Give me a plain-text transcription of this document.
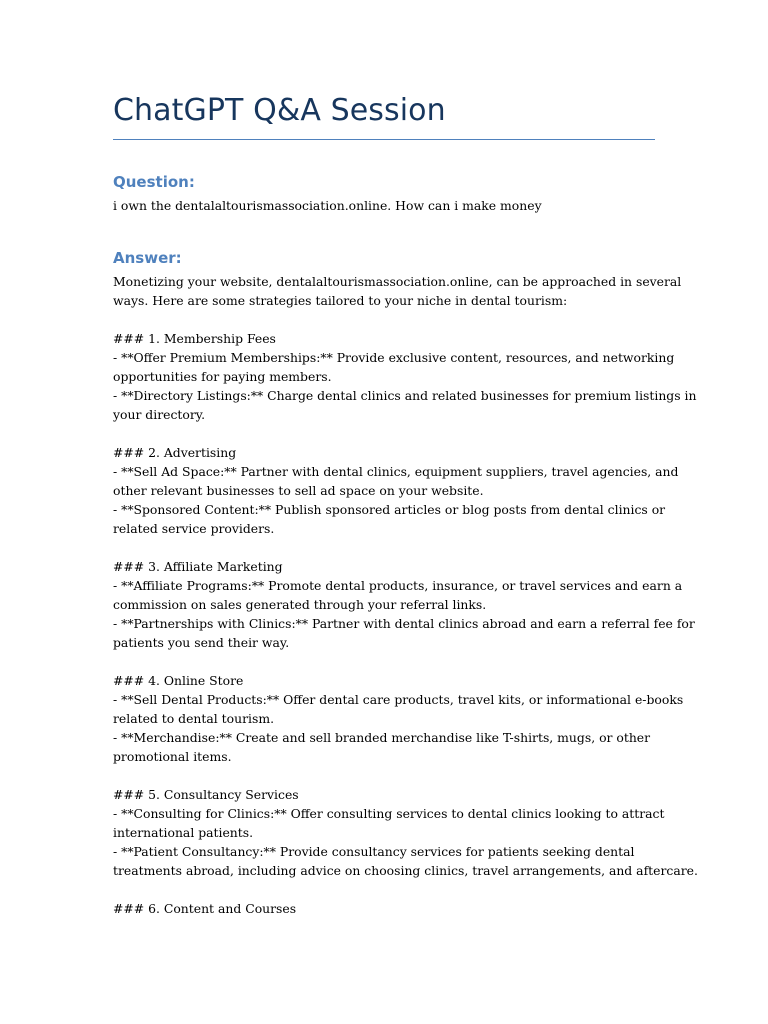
ChatGPT Q&A Session
Question:
i own the dentalaltourismassociation.online. How can i make money
Answer:
Monetizing your website, dentalaltourismassociation.online, can be approached in several
ways. Here are some strategies tailored to your niche in dental tourism:
### 1. Membership Fees
- **Offer Premium Memberships:** Provide exclusive content, resources, and networking
opportunities for paying members.
- **Directory Listings:** Charge dental clinics and related businesses for premium listings in
your directory.
### 2. Advertising
- **Sell Ad Space:** Partner with dental clinics, equipment suppliers, travel agencies, and
other relevant businesses to sell ad space on your website.
- **Sponsored Content:** Publish sponsored articles or blog posts from dental clinics or
related service providers.
### 3. Affiliate Marketing
- **Affiliate Programs:** Promote dental products, insurance, or travel services and earn a
commission on sales generated through your referral links.
- **Partnerships with Clinics:** Partner with dental clinics abroad and earn a referral fee for
patients you send their way.
### 4. Online Store
- **Sell Dental Products:** Offer dental care products, travel kits, or informational e-books
related to dental tourism.
- **Merchandise:** Create and sell branded merchandise like T-shirts, mugs, or other
promotional items.
### 5. Consultancy Services
- **Consulting for Clinics:** Offer consulting services to dental clinics looking to attract
international patients.
- **Patient Consultancy:** Provide consultancy services for patients seeking dental
treatments abroad, including advice on choosing clinics, travel arrangements, and aftercare.
### 6. Content and Courses
